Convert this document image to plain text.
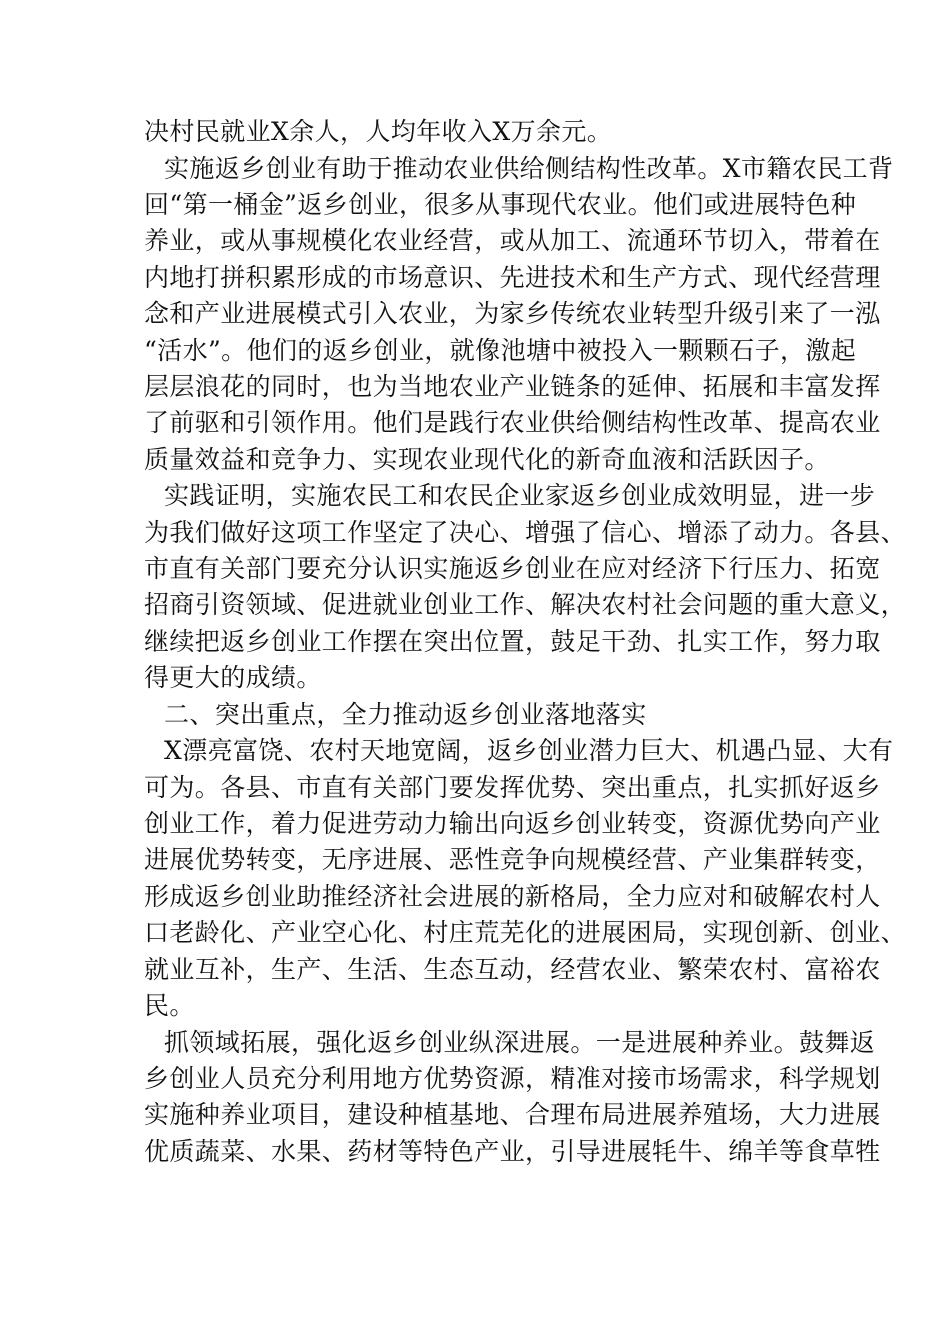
决村民就业X余人，人均年收入X万余元。
实施返乡创业有助于推动农业供给侧结构性改革。X市籍农民工背
回“第一桶金”返乡创业，很多从事现代农业。他们或进展特色种
养业，或从事规模化农业经营，或从加工、流通环节切入，带着在
内地打拼积累形成的市场意识、先进技术和生产方式、现代经营理
念和产业进展模式引入农业，为家乡传统农业转型升级引来了一泓
“活水”。他们的返乡创业，就像池塘中被投入一颗颗石子，激起
层层浪花的同时，也为当地农业产业链条的延伸、拓展和丰富发挥
了前驱和引领作用。他们是践行农业供给侧结构性改革、提高农业
质量效益和竞争力、实现农业现代化的新奇血液和活跃因子。
实践证明，实施农民工和农民企业家返乡创业成效明显，进一步
为我们做好这项工作坚定了决心、增强了信心、增添了动力。各县、
市直有关部门要充分认识实施返乡创业在应对经济下行压力、拓宽
招商引资领域、促进就业创业工作、解决农村社会问题的重大意义，
继续把返乡创业工作摆在突出位置，鼓足干劲、扎实工作，努力取
得更大的成绩。
二、突出重点，全力推动返乡创业落地落实
X漂亮富饶、农村天地宽阔，返乡创业潜力巨大、机遇凸显、大有
可为。各县、市直有关部门要发挥优势、突出重点，扎实抓好返乡
创业工作，着力促进劳动力输出向返乡创业转变，资源优势向产业
进展优势转变，无序进展、恶性竞争向规模经营、产业集群转变，
形成返乡创业助推经济社会进展的新格局，全力应对和破解农村人
口老龄化、产业空心化、村庄荒芜化的进展困局，实现创新、创业、
就业互补，生产、生活、生态互动，经营农业、繁荣农村、富裕农
民。
抓领域拓展，强化返乡创业纵深进展。一是进展种养业。鼓舞返
乡创业人员充分利用地方优势资源，精准对接市场需求，科学规划
实施种养业项目，建设种植基地、合理布局进展养殖场，大力进展
优质蔬菜、水果、药材等特色产业，引导进展牦牛、绵羊等食草牲
